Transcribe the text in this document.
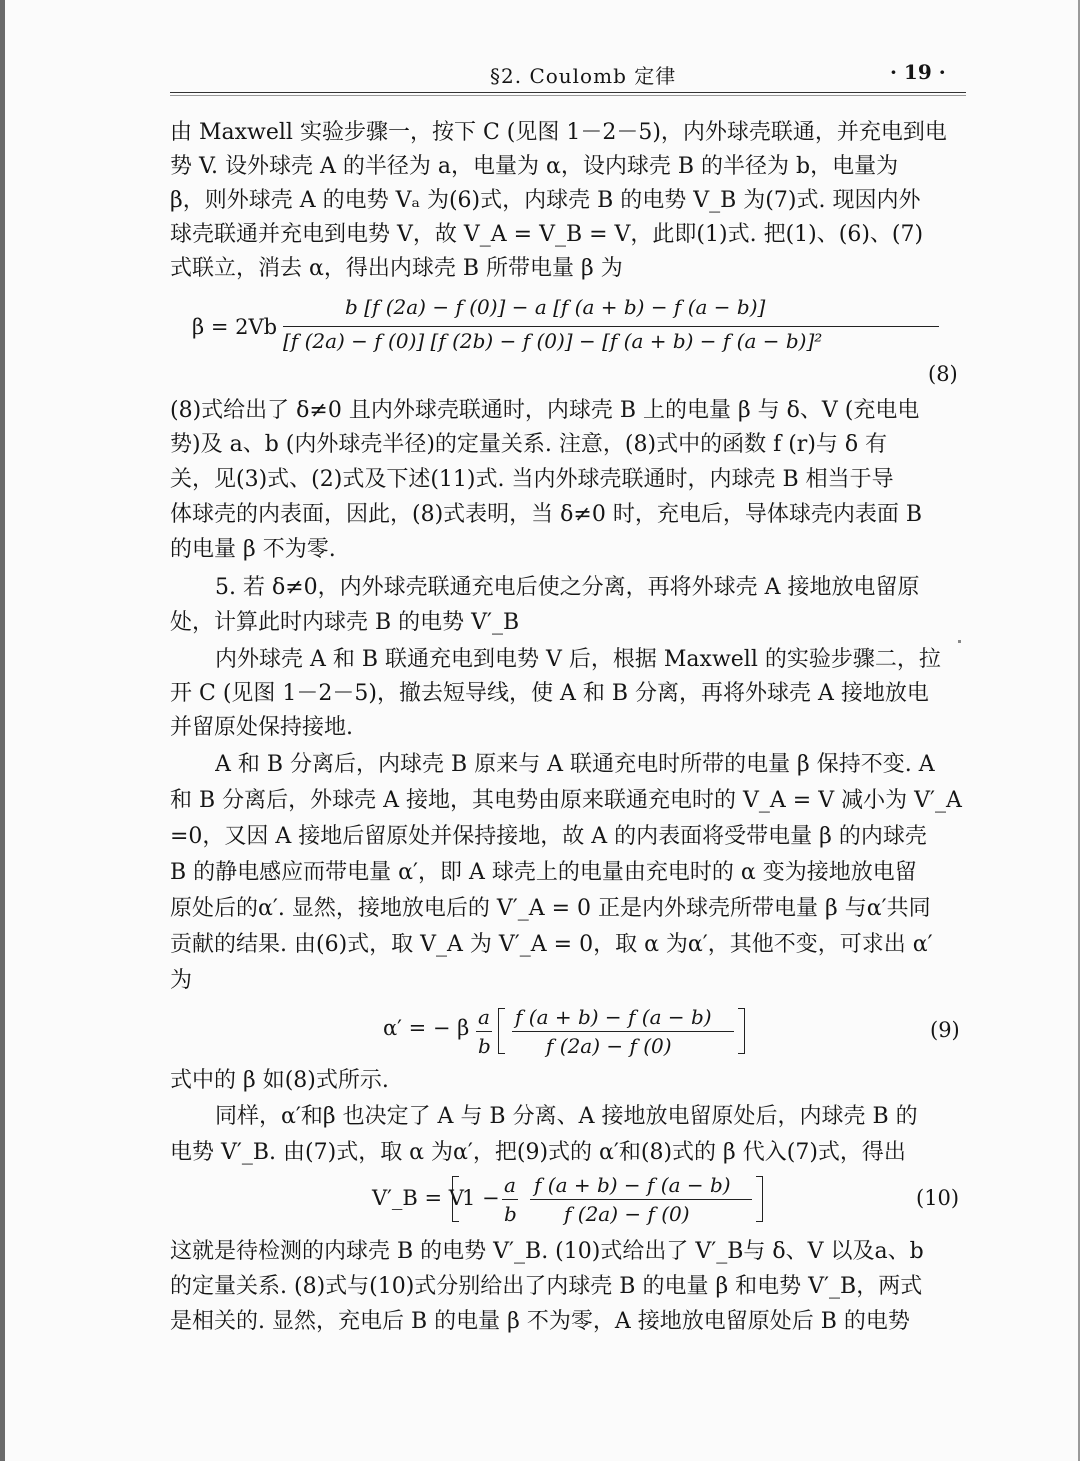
§2. Coulomb 定律	· 19 ·
由 Maxwell 实验步骤一，按下 C (见图 1－2－5)，内外球壳联通，并充电到电
势 V. 设外球壳 A 的半径为 a，电量为 α，设内球壳 B 的半径为 b，电量为
β，则外球壳 A 的电势 Vₐ 为(6)式，内球壳 B 的电势 V_B 为(7)式. 现因内外
球壳联通并充电到电势 V，故 V_A = V_B = V，此即(1)式. 把(1)、(6)、(7)
式联立，消去 α，得出内球壳 B 所带电量 β 为
β = 2Vb
b [f (2a) − f (0)] − a [f (a + b) − f (a − b)]
[f (2a) − f (0)] [f (2b) − f (0)] − [f (a + b) − f (a − b)]²
(8)
(8)式给出了 δ≠0 且内外球壳联通时，内球壳 B 上的电量 β 与 δ、V (充电电
势)及 a、b (内外球壳半径)的定量关系. 注意，(8)式中的函数 f (r)与 δ 有
关，见(3)式、(2)式及下述(11)式. 当内外球壳联通时，内球壳 B 相当于导
体球壳的内表面，因此，(8)式表明，当 δ≠0 时，充电后，导体球壳内表面 B
的电量 β 不为零.
5. 若 δ≠0，内外球壳联通充电后使之分离，再将外球壳 A 接地放电留原
处，计算此时内球壳 B 的电势 V′_B
内外球壳 A 和 B 联通充电到电势 V 后，根据 Maxwell 的实验步骤二，拉
开 C (见图 1－2－5)，撤去短导线，使 A 和 B 分离，再将外球壳 A 接地放电
并留原处保持接地.
A 和 B 分离后，内球壳 B 原来与 A 联通充电时所带的电量 β 保持不变. A
和 B 分离后，外球壳 A 接地，其电势由原来联通充电时的 V_A = V 减小为 V′_A
=0，又因 A 接地后留原处并保持接地，故 A 的内表面将受带电量 β 的内球壳
B 的静电感应而带电量 α′，即 A 球壳上的电量由充电时的 α 变为接地放电留
原处后的α′. 显然，接地放电后的 V′_A = 0 正是内外球壳所带电量 β 与α′共同
贡献的结果. 由(6)式，取 V_A 为 V′_A = 0，取 α 为α′，其他不变，可求出 α′
为
α′ = − β a
b
f (a + b) − f (a − b)
f (2a) − f (0)
(9)
式中的 β 如(8)式所示.
同样，α′和β 也决定了 A 与 B 分离、A 接地放电留原处后，内球壳 B 的
电势 V′_B. 由(7)式，取 α 为α′，把(9)式的 α′和(8)式的 β 代入(7)式，得出
V′_B = V
1 −
a
b
f (a + b) − f (a − b)
f (2a) − f (0)
(10)
这就是待检测的内球壳 B 的电势 V′_B. (10)式给出了 V′_B与 δ、V 以及a、b
的定量关系. (8)式与(10)式分别给出了内球壳 B 的电量 β 和电势 V′_B，两式
是相关的. 显然，充电后 B 的电量 β 不为零，A 接地放电留原处后 B 的电势
